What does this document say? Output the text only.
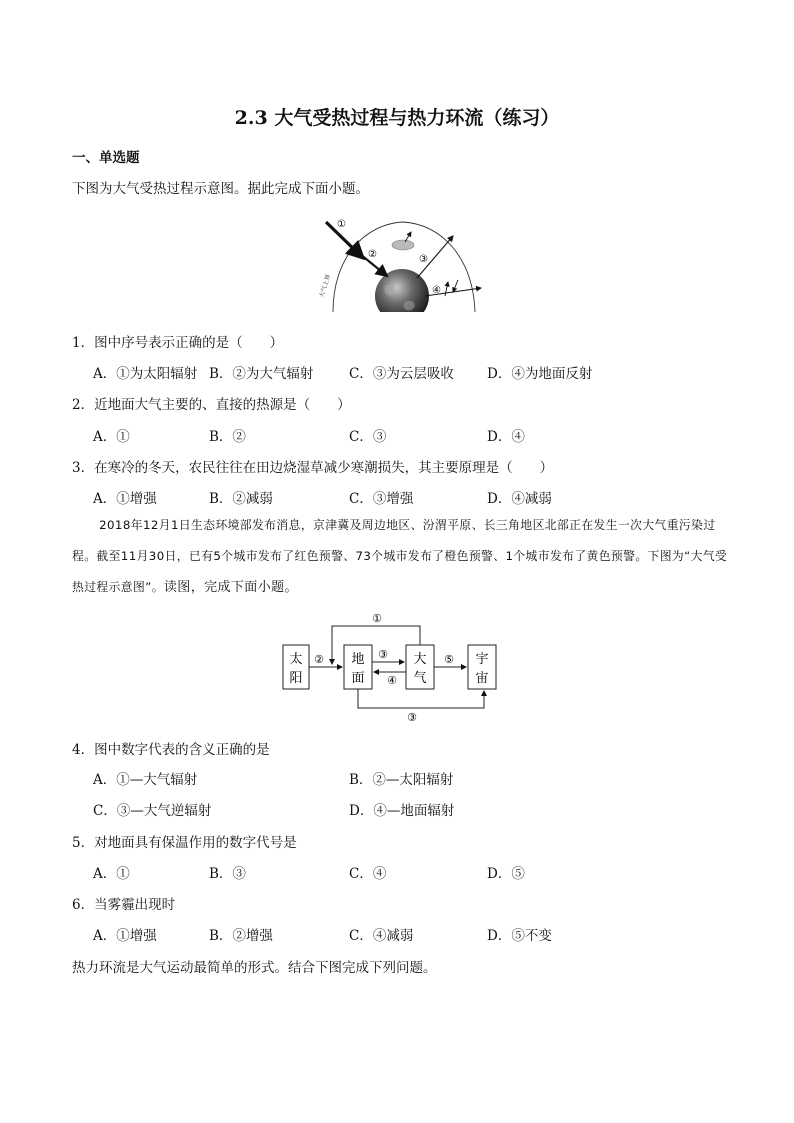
2.3 大气受热过程与热力环流（练习）
一、单选题
下图为大气受热过程示意图。据此完成下面小题。
大气上界
①
②	③
④
1．图中序号表示正确的是（　　）
A．①为太阳辐射 B．②为大气辐射	C．③为云层吸收 D．④为地面反射
2．近地面大气主要的、直接的热源是（　　）
A．①	B．②	C．③	D．④
3．在寒冷的冬天，农民往往在田边烧湿草减少寒潮损失，其主要原理是（　　）
A．①增强	B．②减弱	C．③增强	D．④减弱
2018年12月1日生态环境部发布消息，京津冀及周边地区、汾渭平原、长三角地区北部正在发生一次大气重污染过程。截至11月30日，已有5个城市发布了红色预警、73个城市发布了橙色预警、1个城市发布了黄色预警。下图为“大气受热过程示意图”。读图，完成下面小题。
太
阳
地
面
大
气
宇
宙
①
②	③
④
⑤
③
4．图中数字代表的含义正确的是
A．①—大气辐射	B．②—太阳辐射
C．③—大气逆辐射	D．④—地面辐射
5．对地面具有保温作用的数字代号是
A．①	B．③	C．④	D．⑤
6．当雾霾出现时
A．①增强	B．②增强	C．④减弱	D．⑤不变
热力环流是大气运动最简单的形式。结合下图完成下列问题。
